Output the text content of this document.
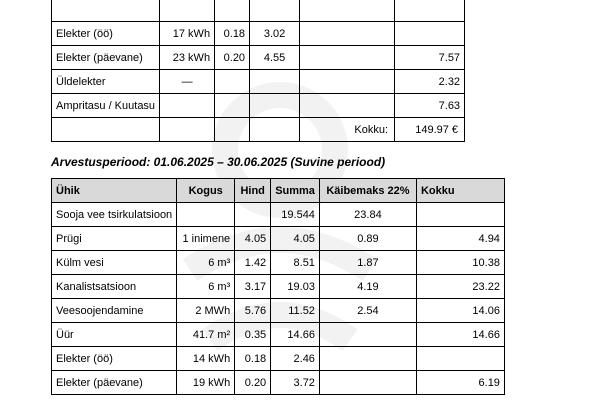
Elekter (öö)	17 kWh	0.18	3.02		
Elekter (päevane)	23 kWh	0.20	4.55		7.57
Üldelekter	—				2.32
Ampritasu / Kuutasu					7.63
				Kokku:	149.97 €
Arvestusperiood: 01.06.2025 – 30.06.2025 (Suvine periood)
Ühik	Kogus	Hind	Summa	Käibemaks 22%	Kokku
Sooja vee tsirkulatsioon			19.544	23.84	
Prügi	1 inimene	4.05	4.05	0.89	4.94
Külm vesi	6 m³	1.42	8.51	1.87	10.38
Kanalistsatsioon	6 m³	3.17	19.03	4.19	23.22
Veesoojendamine	2 MWh	5.76	11.52	2.54	14.06
Üür	41.7 m²	0.35	14.66		14.66
Elekter (öö)	14 kWh	0.18	2.46		
Elekter (päevane)	19 kWh	0.20	3.72		6.19
